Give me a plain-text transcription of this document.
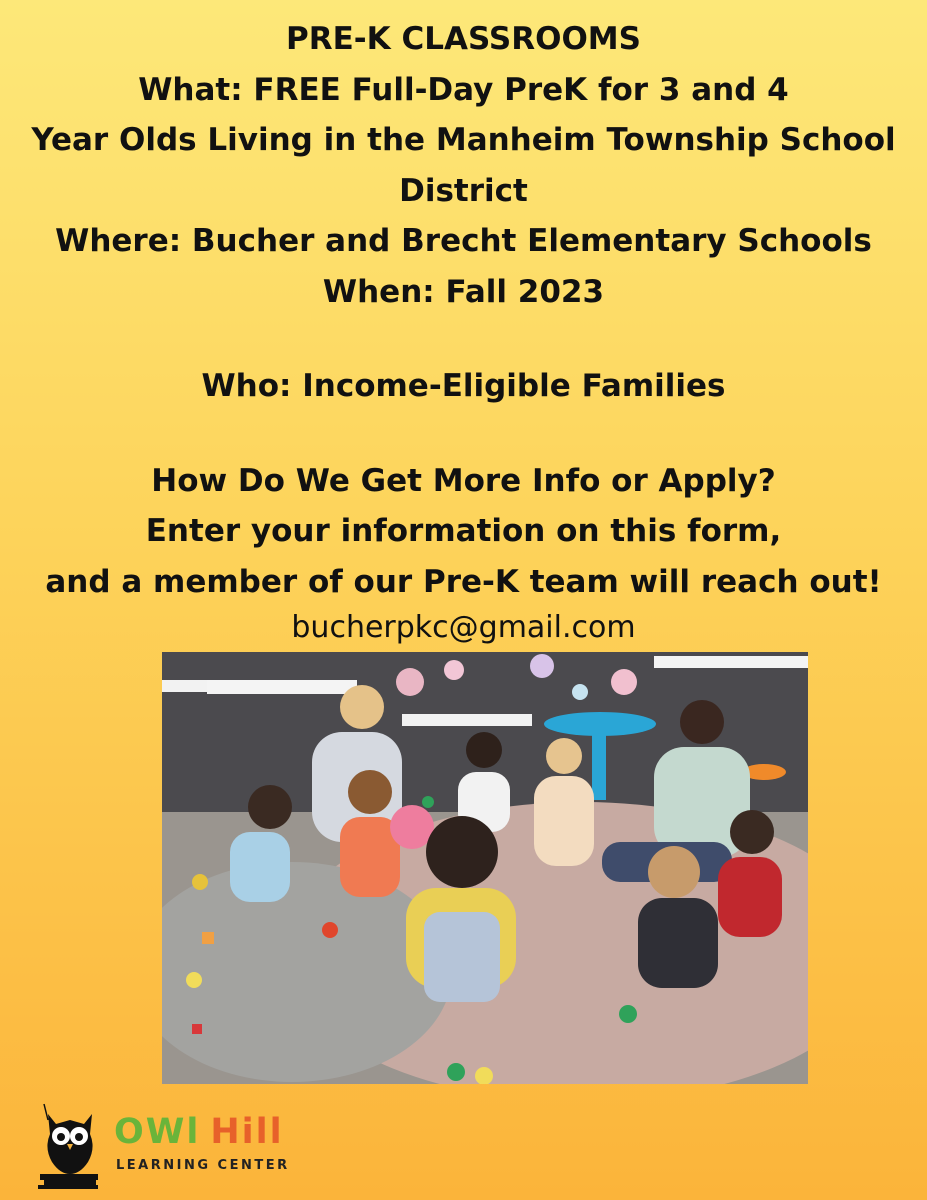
PRE-K CLASSROOMS
What: FREE Full-Day PreK for 3 and 4
Year Olds Living in the Manheim Township School
District
Where: Bucher and Brecht Elementary Schools
When: Fall 2023
Who: Income-Eligible Families
How Do We Get More Info or Apply?
Enter your information on this form,
and a member of our Pre-K team will reach out!
bucherpkc@gmail.com
OWl Hill
LEARNING CENTER
